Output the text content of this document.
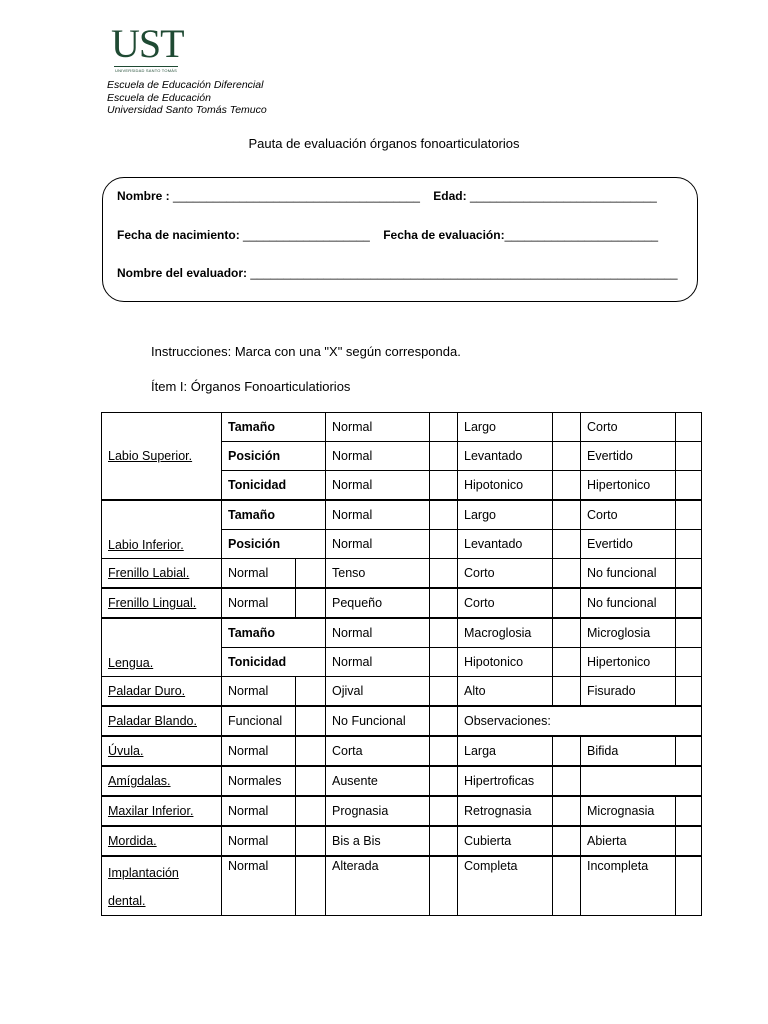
UST
UNIVERSIDAD SANTO TOMÁS
Escuela de Educación Diferencial
Escuela de Educación
Universidad Santo Tomás Temuco
Pauta de evaluación órganos fonoarticulatorios
Nombre : _____________________________________ Edad: ____________________________
Fecha de nacimiento: ___________________ Fecha de evaluación:_______________________
Nombre del evaluador: ________________________________________________________________
Instrucciones: Marca con una "X" según corresponda.
Ítem I: Órganos Fonoarticulatiorios
Labio Superior.	Tamaño		Normal		Largo		Corto	
	Posición		Normal		Levantado		Evertido	
	Tonicidad		Normal		Hipotonico		Hipertonico	
Labio Inferior.	Tamaño		Normal		Largo		Corto	
	Posición		Normal		Levantado		Evertido	
Frenillo Labial.	Normal		Tenso		Corto		No funcional	
Frenillo Lingual.	Normal		Pequeño		Corto		No funcional	
Lengua.	Tamaño		Normal		Macroglosia		Microglosia	
	Tonicidad		Normal		Hipotonico		Hipertonico	
Paladar Duro.	Normal		Ojival		Alto		Fisurado	
Paladar Blando.	Funcional		No Funcional		Observaciones:			
Úvula.	Normal		Corta		Larga		Bifida	
Amígdalas.	Normales		Ausente		Hipertroficas			
Maxilar Inferior.	Normal		Prognasia		Retrognasia		Micrognasia	
Mordida.	Normal		Bis a Bis		Cubierta		Abierta	

Implantación
dental.	Normal		Alterada		Completa		Incompleta	
